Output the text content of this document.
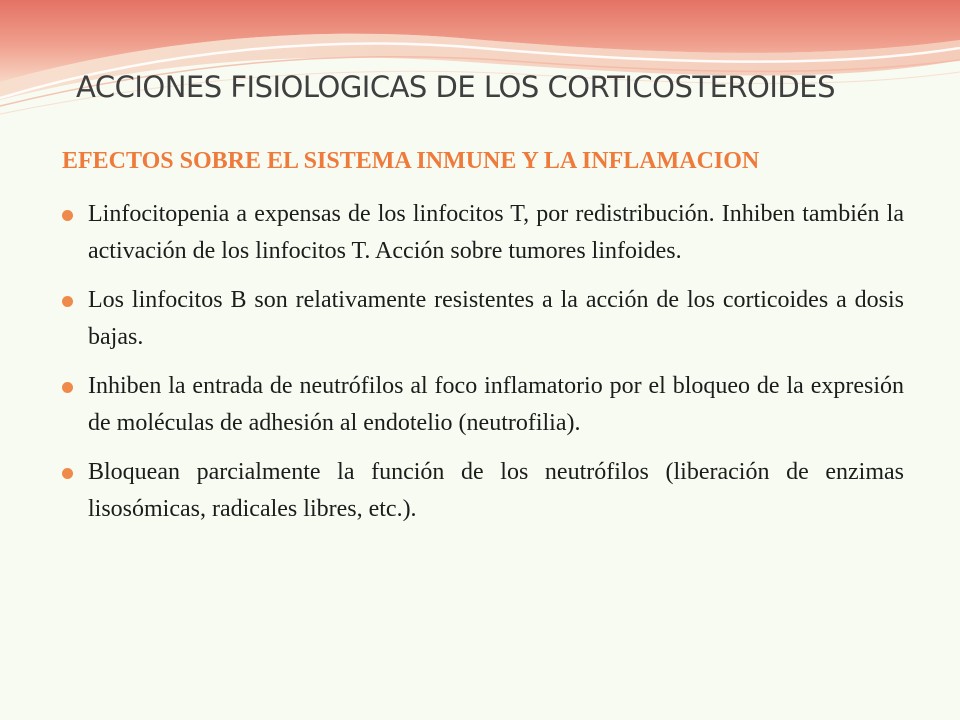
ACCIONES FISIOLOGICAS DE LOS CORTICOSTEROIDES
EFECTOS SOBRE EL SISTEMA INMUNE Y LA INFLAMACION
Linfocitopenia a expensas de los linfocitos T, por redistribución. Inhiben también la activación de los linfocitos T. Acción sobre tumores linfoides.
Los linfocitos B son relativamente resistentes a la acción de los corticoides a dosis bajas.
Inhiben la entrada de neutrófilos al foco inflamatorio por el bloqueo de la expresión de moléculas de adhesión al endotelio (neutrofilia).
Bloquean parcialmente la función de los neutrófilos (liberación de enzimas lisosómicas, radicales libres, etc.).
